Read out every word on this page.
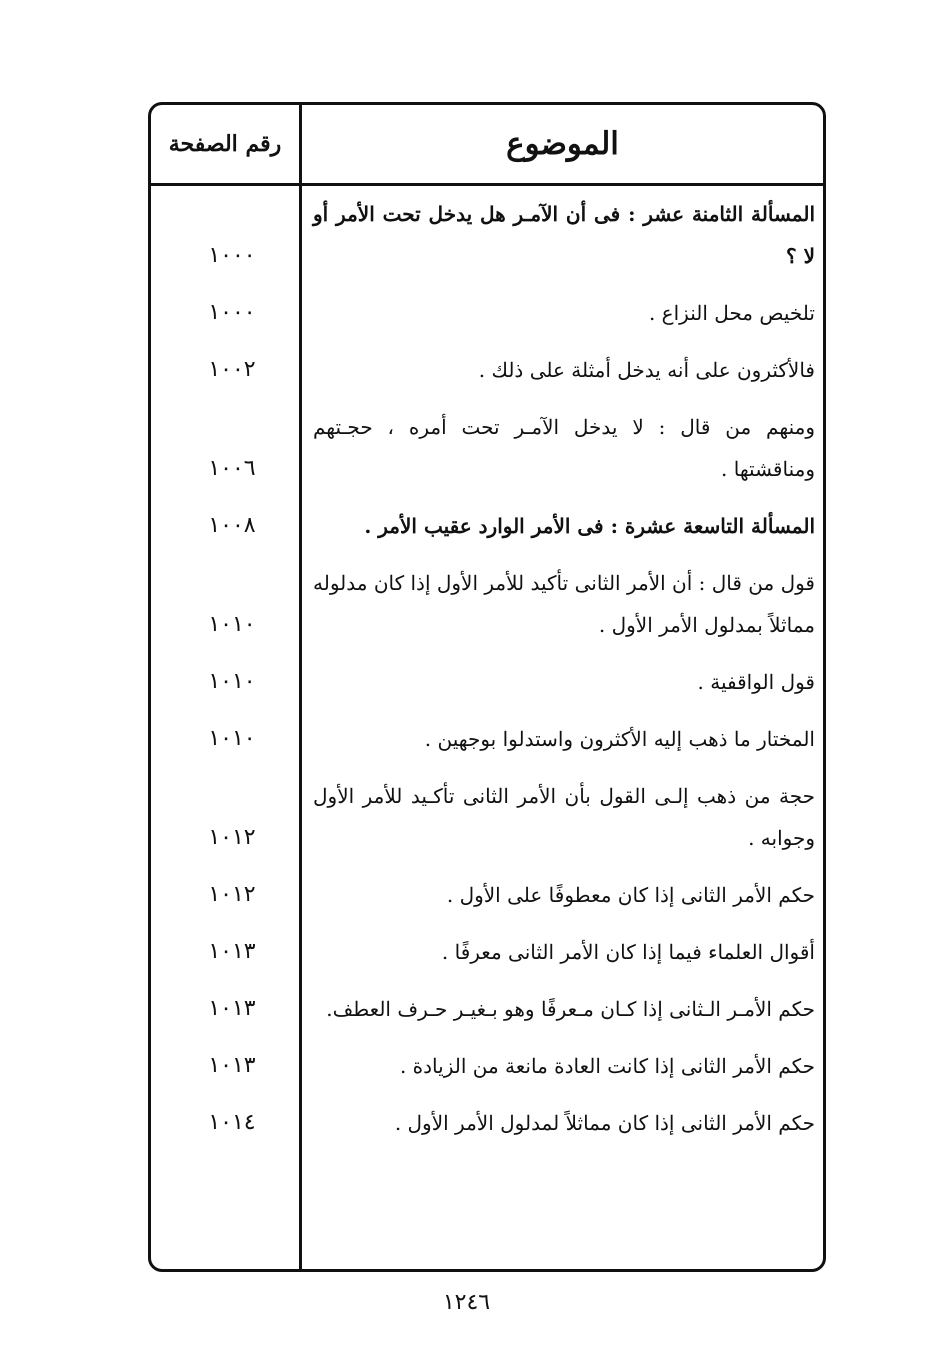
الموضوع
رقم الصفحة
المسألة الثامنة عشر : فى أن الآمـر هل يدخل تحت الأمر أو لا ؟
١٠٠٠
تلخيص محل النزاع .
١٠٠٠
فالأكثرون على أنه يدخل أمثلة على ذلك .
١٠٠٢
ومنهم من قال : لا يدخل الآمـر تحت أمره ، حجـتهم ومناقشتها .
١٠٠٦
المسألة التاسعة عشرة : فى الأمر الوارد عقيب الأمر .
١٠٠٨
قول من قال : أن الأمر الثانى تأكيد للأمر الأول إذا كان مدلوله مماثلاً بمدلول الأمر الأول .
١٠١٠
قول الواقفية .
١٠١٠
المختار ما ذهب إليه الأكثرون واستدلوا بوجهين .
١٠١٠
حجة من ذهب إلـى القول بأن الأمر الثانى تأكـيد للأمر الأول وجوابه .
١٠١٢
حكم الأمر الثانى إذا كان معطوفًا على الأول .
١٠١٢
أقوال العلماء فيما إذا كان الأمر الثانى معرفًا .
١٠١٣
حكم الأمـر الـثانى إذا كـان مـعرفًا وهو بـغيـر حـرف العطف.
١٠١٣
حكم الأمر الثانى إذا كانت العادة مانعة من الزيادة .
١٠١٣
حكم الأمر الثانى إذا كان مماثلاً لمدلول الأمر الأول .
١٠١٤
١٢٤٦
